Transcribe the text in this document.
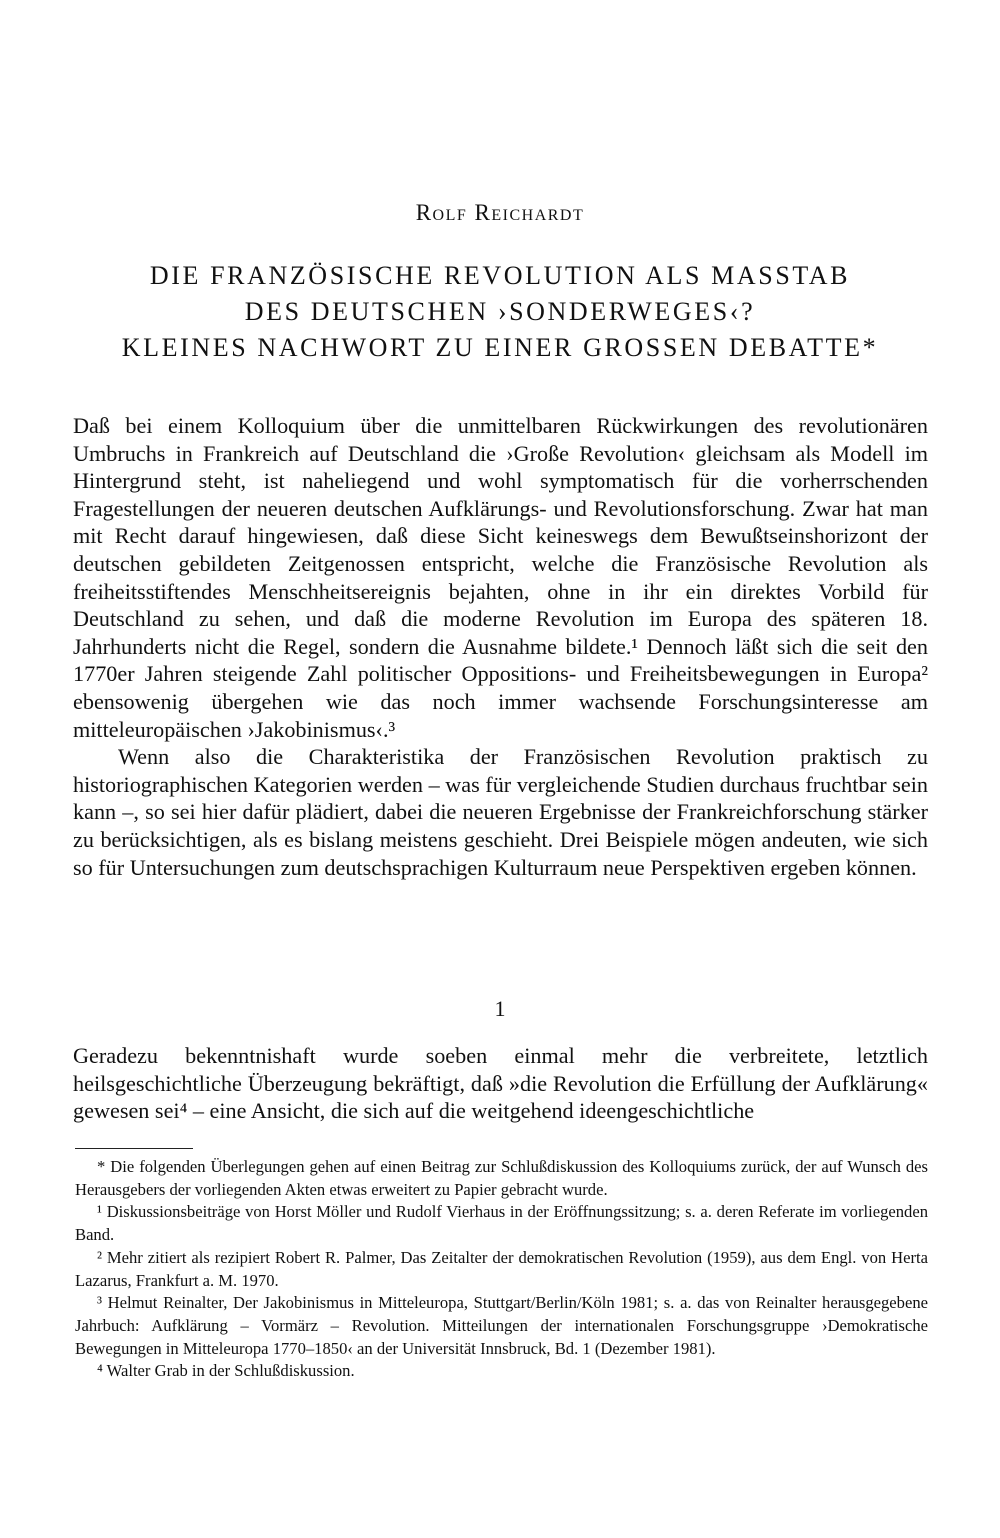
Rolf Reichardt
DIE FRANZÖSISCHE REVOLUTION ALS MASSTAB
DES DEUTSCHEN ›SONDERWEGES‹?
KLEINES NACHWORT ZU EINER GROSSEN DEBATTE*

Daß bei einem Kolloquium über die unmittelbaren Rückwirkungen des revolutionären Umbruchs in Frankreich auf Deutschland die ›Große Revolution‹ gleichsam als Modell im Hintergrund steht, ist naheliegend und wohl symptomatisch für die vorherrschenden Fragestellungen der neueren deutschen Aufklärungs- und Revolutionsforschung. Zwar hat man mit Recht darauf hingewiesen, daß diese Sicht keineswegs dem Bewußtseinshorizont der deutschen gebildeten Zeitgenossen entspricht, welche die Französische Revolution als freiheitsstiftendes Menschheitsereignis bejahten, ohne in ihr ein direktes Vorbild für Deutschland zu sehen, und daß die moderne Revolution im Europa des späteren 18. Jahrhunderts nicht die Regel, sondern die Ausnahme bildete.¹ Dennoch läßt sich die seit den 1770er Jahren steigende Zahl politischer Oppositions- und Freiheitsbewegungen in Europa² ebensowenig übergehen wie das noch immer wachsende Forschungsinteresse am mitteleuropäischen ›Jakobinismus‹.³

Wenn also die Charakteristika der Französischen Revolution praktisch zu historiographischen Kategorien werden – was für vergleichende Studien durchaus fruchtbar sein kann –, so sei hier dafür plädiert, dabei die neueren Ergebnisse der Frankreichforschung stärker zu berücksichtigen, als es bislang meistens geschieht. Drei Beispiele mögen andeuten, wie sich so für Untersuchungen zum deutschsprachigen Kulturraum neue Perspektiven ergeben können.

1

Geradezu bekenntnishaft wurde soeben einmal mehr die verbreitete, letztlich heilsgeschichtliche Überzeugung bekräftigt, daß »die Revolution die Erfüllung der Aufklärung« gewesen sei⁴ – eine Ansicht, die sich auf die weitgehend ideengeschichtliche

* Die folgenden Überlegungen gehen auf einen Beitrag zur Schlußdiskussion des Kolloquiums zurück, der auf Wunsch des Herausgebers der vorliegenden Akten etwas erweitert zu Papier gebracht wurde.

¹ Diskussionsbeiträge von Horst Möller und Rudolf Vierhaus in der Eröffnungssitzung; s. a. deren Referate im vorliegenden Band.

² Mehr zitiert als rezipiert Robert R. Palmer, Das Zeitalter der demokratischen Revolution (1959), aus dem Engl. von Herta Lazarus, Frankfurt a. M. 1970.

³ Helmut Reinalter, Der Jakobinismus in Mitteleuropa, Stuttgart/Berlin/Köln 1981; s. a. das von Reinalter herausgegebene Jahrbuch: Aufklärung – Vormärz – Revolution. Mitteilungen der internationalen Forschungsgruppe ›Demokratische Bewegungen in Mitteleuropa 1770–1850‹ an der Universität Innsbruck, Bd. 1 (Dezember 1981).

⁴ Walter Grab in der Schlußdiskussion.
